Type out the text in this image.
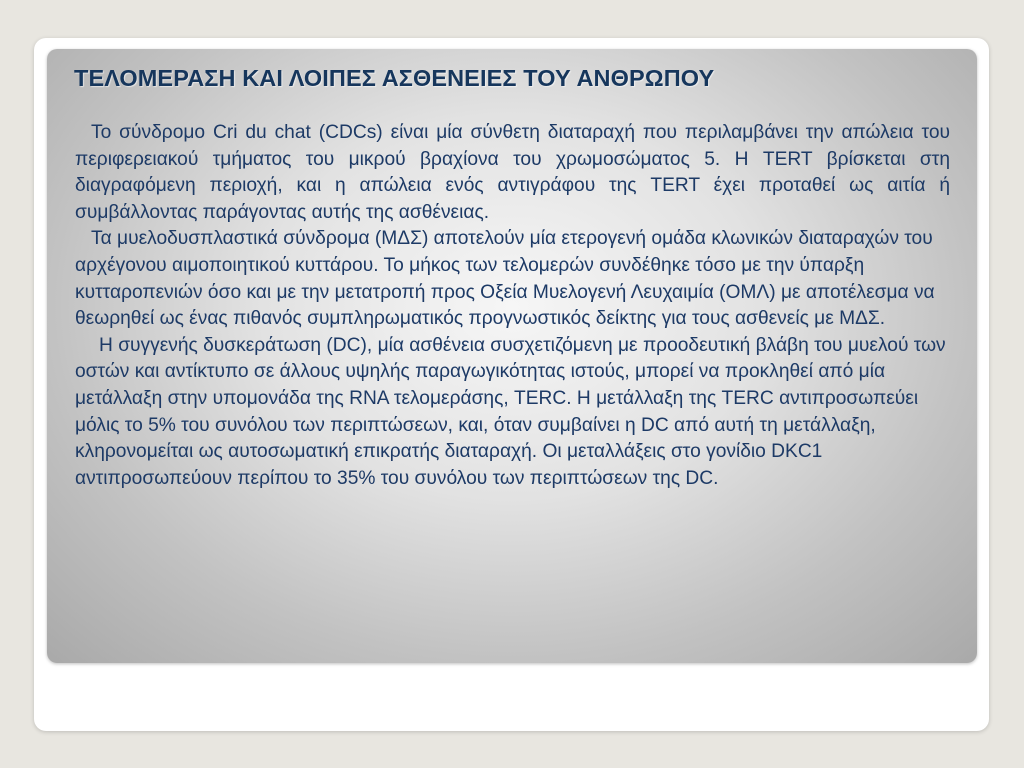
ΤΕΛΟΜΕΡΑΣΗ ΚΑΙ ΛΟΙΠΕΣ ΑΣΘΕΝΕΙΕΣ ΤΟΥ ΑΝΘΡΩΠΟΥ

Το σύνδρομο Cri du chat (CDCs) είναι μία σύνθετη διαταραχή που περιλαμβάνει την απώλεια του περιφερειακού τμήματος του μικρού βραχίονα του χρωμοσώματος 5. Η TERT βρίσκεται στη διαγραφόμενη περιοχή, και η απώλεια ενός αντιγράφου της TERT έχει προταθεί ως αιτία ή συμβάλλοντας παράγοντας αυτής της ασθένειας.

Τα μυελοδυσπλαστικά σύνδρομα (ΜΔΣ) αποτελούν μία ετερογενή ομάδα κλωνικών διαταραχών του αρχέγονου αιμοποιητικού κυττάρου. Το μήκος των τελομερών συνδέθηκε τόσο με την ύπαρξη κυτταροπενιών όσο και με την μετατροπή προς Οξεία Μυελογενή Λευχαιμία (ΟΜΛ) με αποτέλεσμα να θεωρηθεί ως ένας πιθανός συμπληρωματικός προγνωστικός δείκτης για τους ασθενείς με ΜΔΣ.

Η συγγενής δυσκεράτωση (DC), μία ασθένεια συσχετιζόμενη με προοδευτική βλάβη του μυελού των οστών και αντίκτυπο σε άλλους υψηλής παραγωγικότητας ιστούς, μπορεί να προκληθεί από μία μετάλλαξη στην υπομονάδα της RNA τελομεράσης, TERC. Η μετάλλαξη της TERC αντιπροσωπεύει μόλις το 5% του συνόλου των περιπτώσεων, και, όταν συμβαίνει η DC από αυτή τη μετάλλαξη, κληρονομείται ως αυτοσωματική επικρατής διαταραχή. Οι μεταλλάξεις στο γονίδιο DKC1 αντιπροσωπεύουν περίπου το 35% του συνόλου των περιπτώσεων της DC.
